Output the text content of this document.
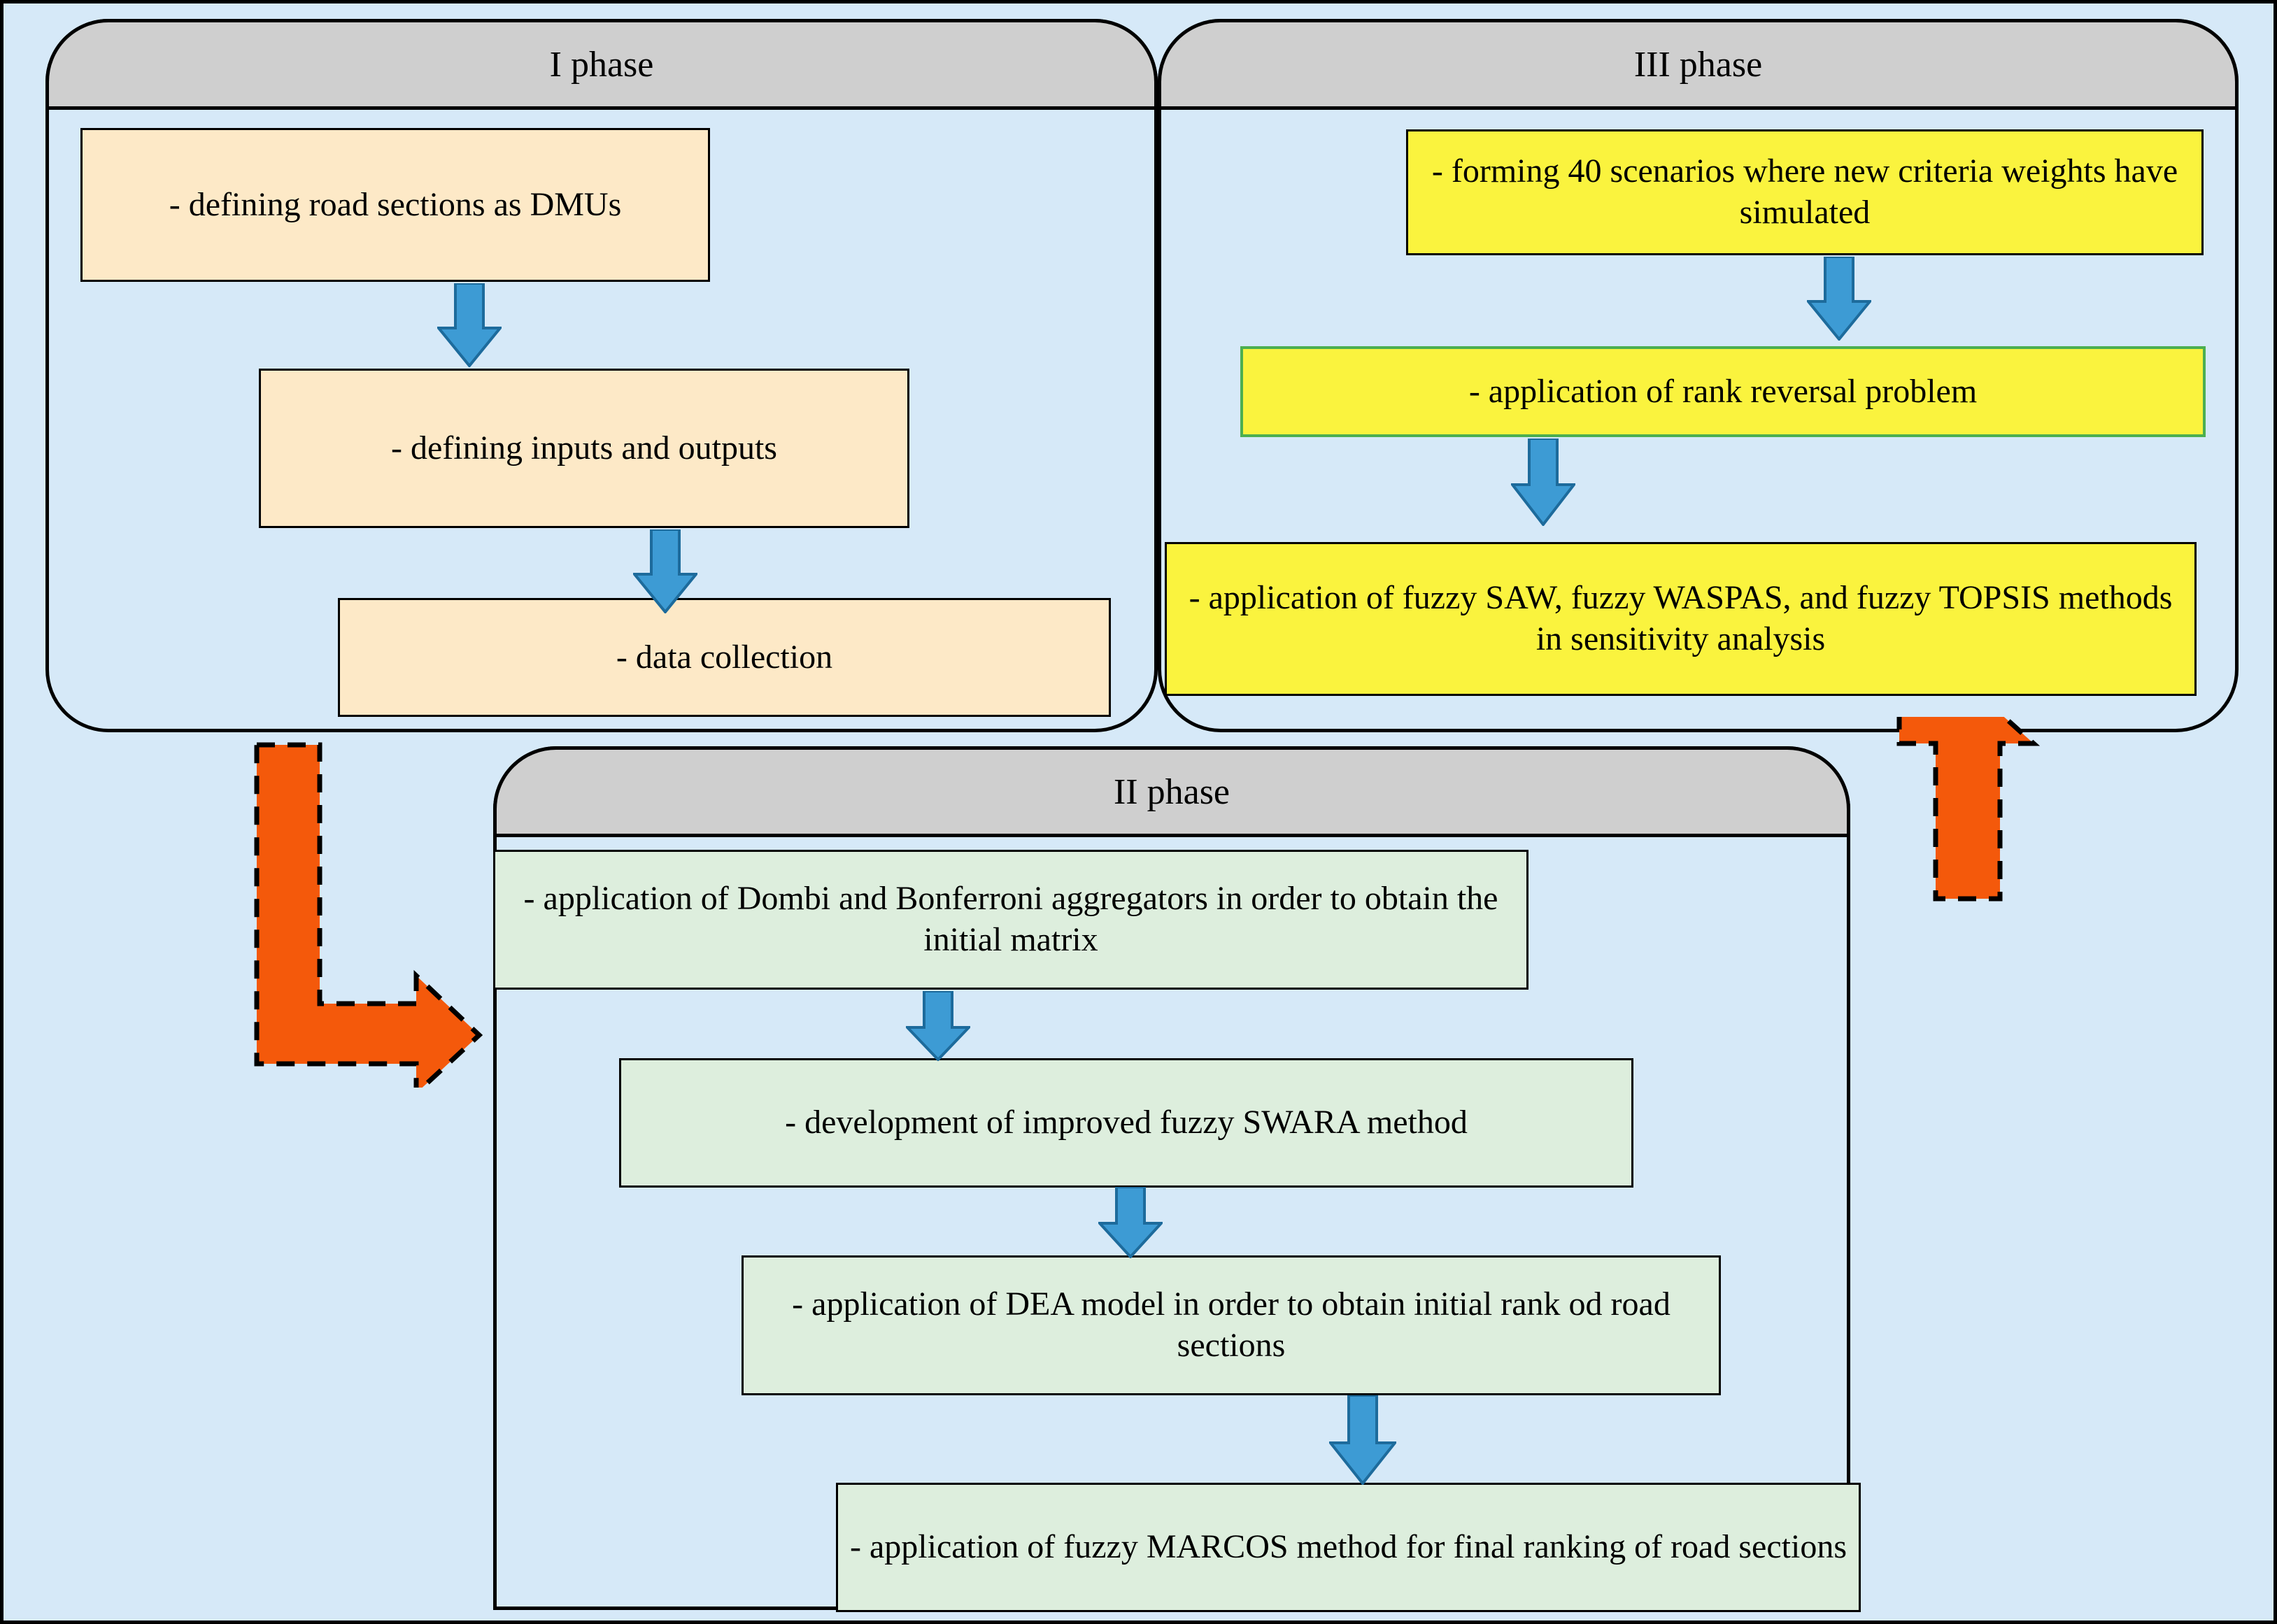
I phase
- defining road sections as DMUs
- defining inputs and outputs
- data collection
III phase
- forming 40 scenarios where new criteria weights have simulated
- application of rank reversal problem
- application of fuzzy SAW, fuzzy WASPAS, and fuzzy TOPSIS methods in sensitivity analysis
II phase
- application of Dombi and Bonferroni aggregators in order to obtain the initial matrix
- development of improved fuzzy SWARA method
- application of DEA model in order to obtain initial rank od road sections
- application of fuzzy MARCOS method for final ranking of road sections
